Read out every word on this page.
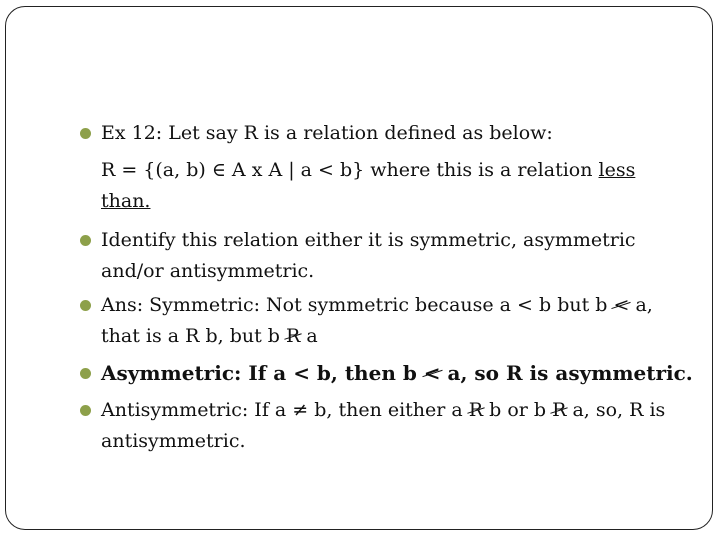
Ex 12: Let say R is a relation defined as below:
R = {(a, b) ∈ A x A | a < b} where this is a relation less
than.
Identify this relation either it is symmetric, asymmetric
and/or antisymmetric.
Ans: Symmetric: Not symmetric because a < b but b < a,
that is a R b, but b R a
Asymmetric: If a < b, then b < a, so R is asymmetric.
Antisymmetric: If a ≠ b, then either a R b or b R a, so, R is
antisymmetric.
